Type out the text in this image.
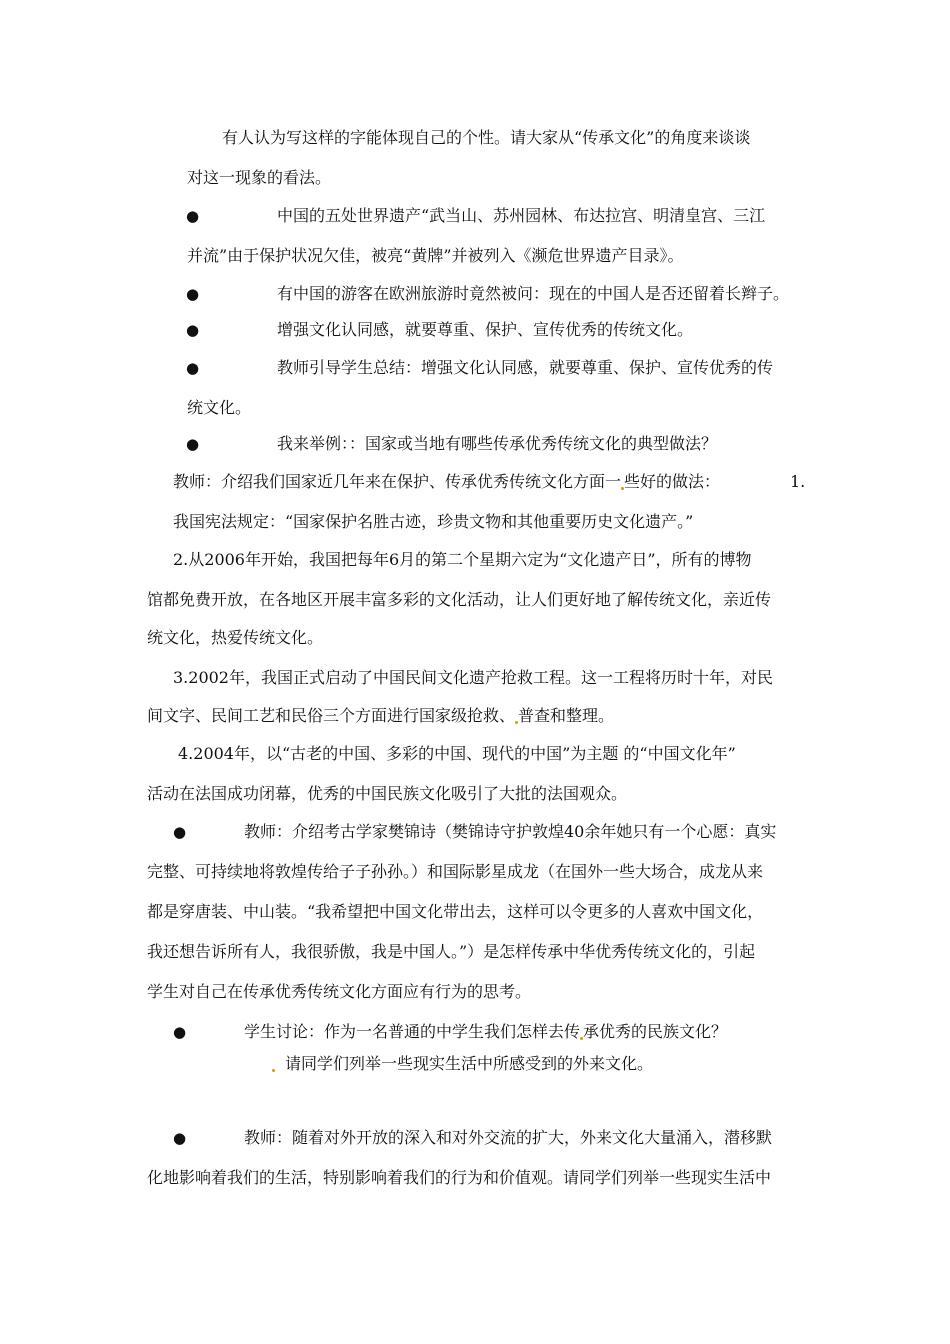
有人认为写这样的字能体现自己的个性。请大家从“传承文化”的角度来谈谈
对这一现象的看法。
●	中国的五处世界遗产“武当山、苏州园林、布达拉宫、明清皇宫、三江
并流”由于保护状况欠佳，被亮“黄牌”并被列入《濒危世界遗产目录》。
●	有中国的游客在欧洲旅游时竟然被问：现在的中国人是否还留着长辫子。
●	增强文化认同感，就要尊重、保护、宣传优秀的传统文化。
●	教师引导学生总结：增强文化认同感，就要尊重、保护、宣传优秀的传
统文化。
●	我来举例：：国家或当地有哪些传承优秀传统文化的典型做法？
教师：介绍我们国家近几年来在保护、传承优秀传统文化方面一 些好的做法：	1.
我国宪法规定：“国家保护名胜古迹，珍贵文物和其他重要历史文化遗产。”
2.从2006年开始，我国把每年6月的第二个星期六定为“文化遗产日”，所有的博物
馆都免费开放，在各地区开展丰富多彩的文化活动，让人们更好地了解传统文化，亲近传
统文化，热爱传统文化。
3.2002年，我国正式启动了中国民间文化遗产抢救工程。这一工程将历时十年，对民
间文字、民间工艺和民俗三个方面进行国家级抢救、 普查和整理。
4.2004年，以“古老的中国、多彩的中国、现代的中国”为主题 的“中国文化年”
活动在法国成功闭幕，优秀的中国民族文化吸引了大批的法国观众。
●	教师：介绍考古学家樊锦诗（樊锦诗守护敦煌40余年她只有一个心愿：真实
完整、可持续地将敦煌传给子子孙孙。）和国际影星成龙（在国外一些大场合，成龙从来
都是穿唐装、中山装。“我希望把中国文化带出去，这样可以令更多的人喜欢中国文化，
我还想告诉所有人，我很骄傲，我是中国人。”）是怎样传承中华优秀传统文化的，引起
学生对自己在传承优秀传统文化方面应有行为的思考。
●	学生讨论：作为一名普通的中学生我们怎样去传 承优秀的民族文化？
请同学们列举一些现实生活中所感受到的外来文化。
●	教师：随着对外开放的深入和对外交流的扩大，外来文化大量涌入，潜移默
化地影响着我们的生活，特别影响着我们的行为和价值观。请同学们列举一些现实生活中
